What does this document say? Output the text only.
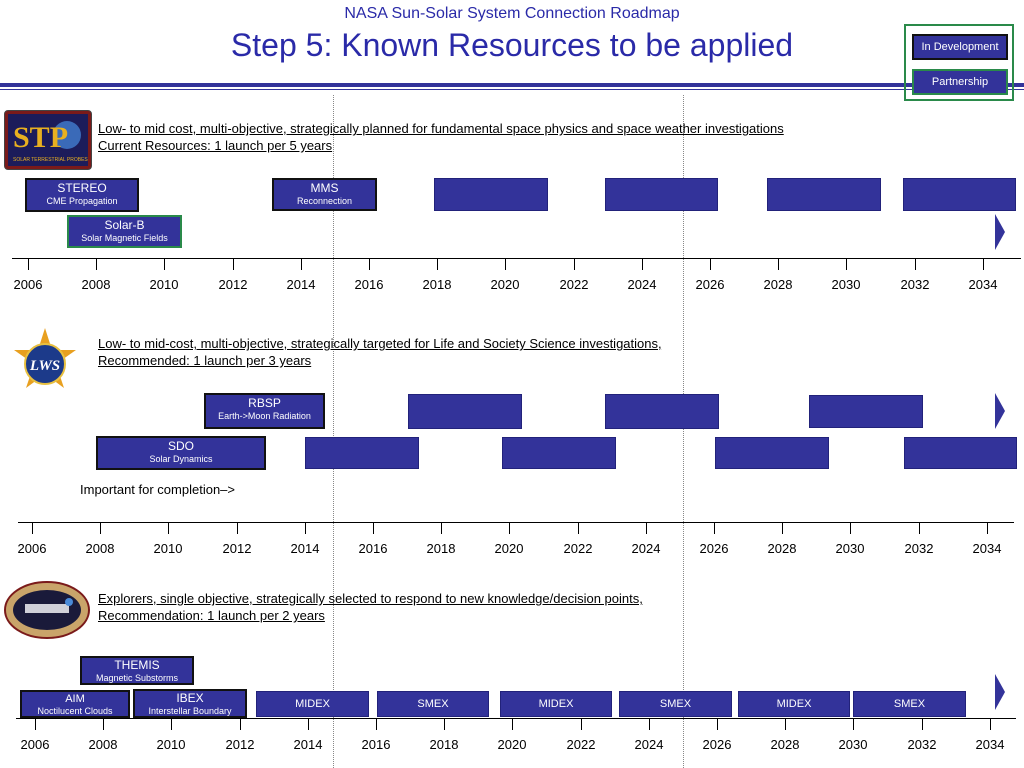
NASA Sun-Solar System Connection Roadmap
Step 5: Known Resources to be applied	In Development
Partnership
STP
SOLAR TERRESTRIAL PROBES
Low- to mid cost, multi-objective, strategically planned for fundamental space physics and space weather investigations
Current Resources: 1 launch per 5 years
STEREO
CME Propagation
MMS
Reconnection
Solar-B
Solar Magnetic Fields
2006	2008	2010	2012	2014	2016	2018	2020	2022	2024	2026	2028	2030	2032	2034
LWS
Low- to mid-cost, multi-objective, strategically targeted for Life and Society Science investigations,
Recommended: 1 launch per 3 years
RBSP
Earth->Moon Radiation
SDO
Solar Dynamics
Important for completion–>
2006	2008	2010	2012	2014	2016	2018	2020	2022	2024	2026	2028	2030	2032	2034
Explorers, single objective, strategically selected to respond to new knowledge/decision points,
Recommendation: 1 launch per 2 years
THEMIS
Magnetic Substorms
AIM
Noctilucent Clouds
IBEX
Interstellar Boundary
MIDEX	SMEX	MIDEX	SMEX	MIDEX	SMEX
2006	2008	2010	2012	2014	2016	2018	2020	2022	2024	2026	2028	2030	2032	2034
